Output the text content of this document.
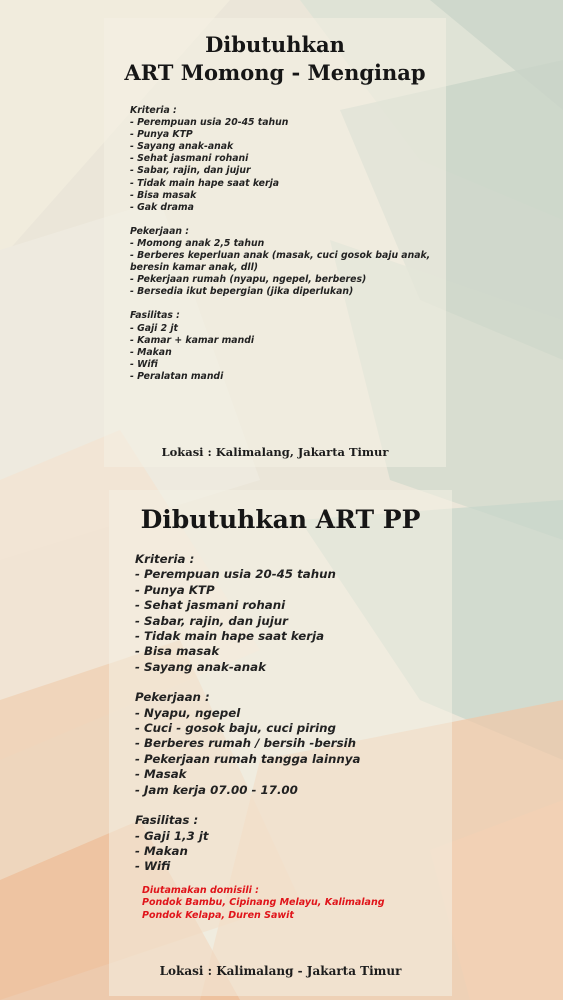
Dibutuhkan
ART Momong - Menginap
Kriteria :
- Perempuan usia 20-45 tahun
- Punya KTP
- Sayang anak-anak
- Sehat jasmani rohani
- Sabar, rajin, dan jujur
- Tidak main hape saat kerja
- Bisa masak
- Gak drama
Pekerjaan :
- Momong anak 2,5 tahun
- Berberes keperluan anak (masak, cuci gosok baju anak, beresin kamar anak, dll)
- Pekerjaan rumah (nyapu, ngepel, berberes)
- Bersedia ikut bepergian (jika diperlukan)
Fasilitas :
- Gaji 2 jt
- Kamar + kamar mandi
- Makan
- Wifi
- Peralatan mandi
Lokasi : Kalimalang, Jakarta Timur
Dibutuhkan ART PP
Kriteria :
- Perempuan usia 20-45 tahun
- Punya KTP
- Sehat jasmani rohani
- Sabar, rajin, dan jujur
- Tidak main hape saat kerja
- Bisa masak
- Sayang anak-anak
Pekerjaan :
- Nyapu, ngepel
- Cuci - gosok baju, cuci piring
- Berberes rumah / bersih -bersih
- Pekerjaan rumah tangga lainnya
- Masak
- Jam kerja 07.00 - 17.00
Fasilitas :
- Gaji 1,3 jt
- Makan
- Wifi
Diutamakan domisili :
Pondok Bambu, Cipinang Melayu, Kalimalang
Pondok Kelapa, Duren Sawit
Lokasi : Kalimalang - Jakarta Timur
